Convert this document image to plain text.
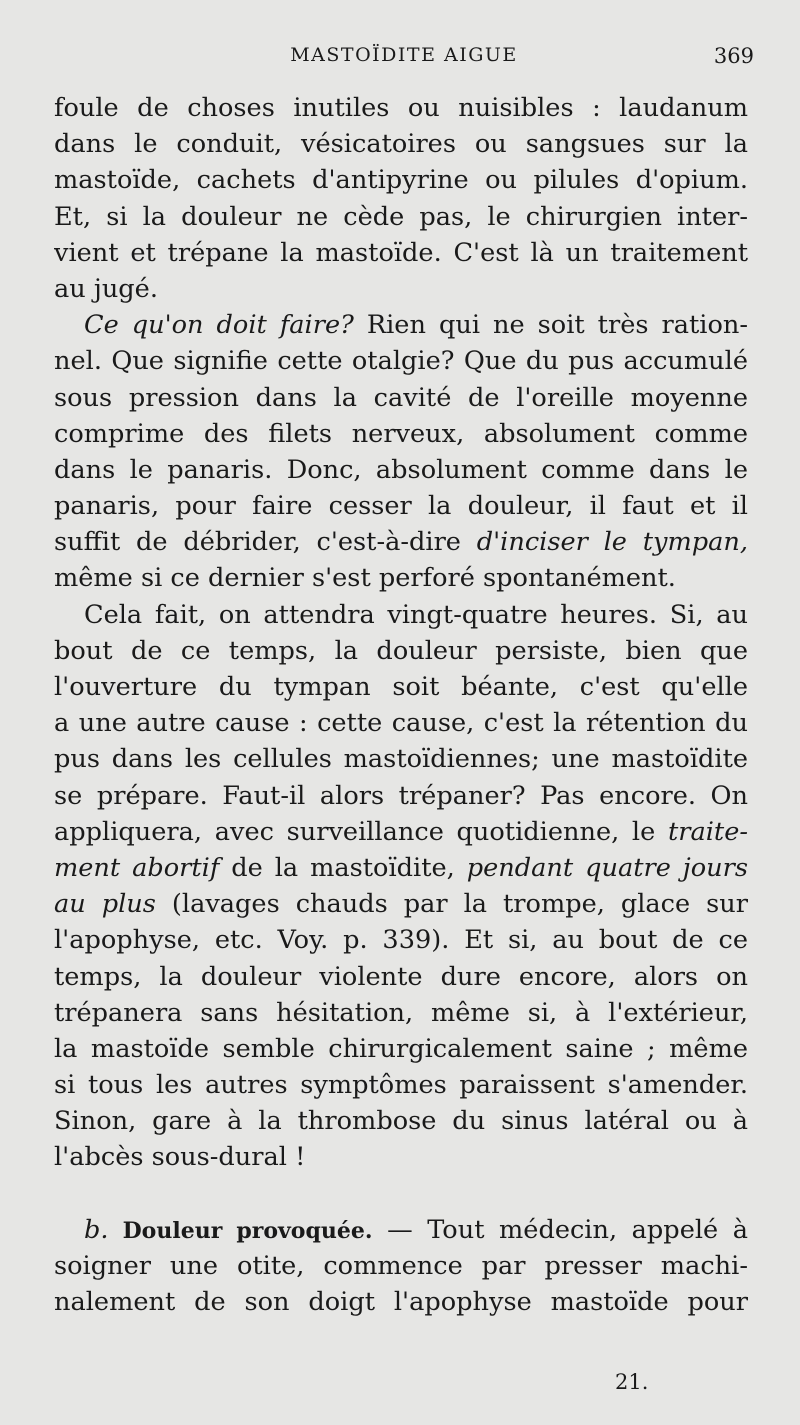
MASTOÏDITE AIGUE	369
foule de choses inutiles ou nuisibles : laudanum
dans le conduit, vésicatoires ou sangsues sur la
mastoïde, cachets d'antipyrine ou pilules d'opium.
Et, si la douleur ne cède pas, le chirurgien inter-
vient et trépane la mastoïde. C'est là un traitement
au jugé.
Ce qu'on doit faire? Rien qui ne soit très ration-
nel. Que signifie cette otalgie? Que du pus accumulé
sous pression dans la cavité de l'oreille moyenne
comprime des filets nerveux, absolument comme
dans le panaris. Donc, absolument comme dans le
panaris, pour faire cesser la douleur, il faut et il
suffit de débrider, c'est-à-dire d'inciser le tympan,
même si ce dernier s'est perforé spontanément.
Cela fait, on attendra vingt-quatre heures. Si, au
bout de ce temps, la douleur persiste, bien que
l'ouverture du tympan soit béante, c'est qu'elle
a une autre cause : cette cause, c'est la rétention du
pus dans les cellules mastoïdiennes; une mastoïdite
se prépare. Faut-il alors trépaner? Pas encore. On
appliquera, avec surveillance quotidienne, le traite-
ment abortif de la mastoïdite, pendant quatre jours
au plus (lavages chauds par la trompe, glace sur
l'apophyse, etc. Voy. p. 339). Et si, au bout de ce
temps, la douleur violente dure encore, alors on
trépanera sans hésitation, même si, à l'extérieur,
la mastoïde semble chirurgicalement saine ; même
si tous les autres symptômes paraissent s'amender.
Sinon, gare à la thrombose du sinus latéral ou à
l'abcès sous-dural !
b. Douleur provoquée. — Tout médecin, appelé à
soigner une otite, commence par presser machi-
nalement de son doigt l'apophyse mastoïde pour
21.
